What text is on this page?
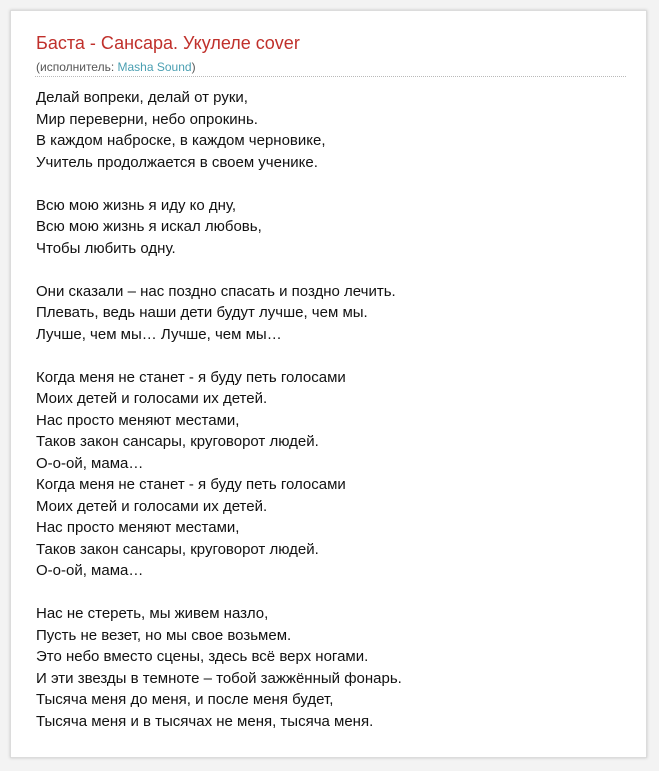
Баста - Сансара. Укулеле cover
(исполнитель: Masha Sound)
Делай вопреки, делай от руки,
Мир переверни, небо опрокинь.
В каждом наброске, в каждом черновике,
Учитель продолжается в своем ученике.
Всю мою жизнь я иду ко дну,
Всю мою жизнь я искал любовь,
Чтобы любить одну.
Они сказали – нас поздно спасать и поздно лечить.
Плевать, ведь наши дети будут лучше, чем мы.
Лучше, чем мы… Лучше, чем мы…
Когда меня не станет - я буду петь голосами
Моих детей и голосами их детей.
Нас просто меняют местами,
Таков закон сансары, круговорот людей.
О-о-ой, мама…
Когда меня не станет - я буду петь голосами
Моих детей и голосами их детей.
Нас просто меняют местами,
Таков закон сансары, круговорот людей.
О-о-ой, мама…
Нас не стереть, мы живем назло,
Пусть не везет, но мы свое возьмем.
Это небо вместо сцены, здесь всё верх ногами.
И эти звезды в темноте – тобой зажжённый фонарь.
Тысяча меня до меня, и после меня будет,
Тысяча меня и в тысячах не меня, тысяча меня.
